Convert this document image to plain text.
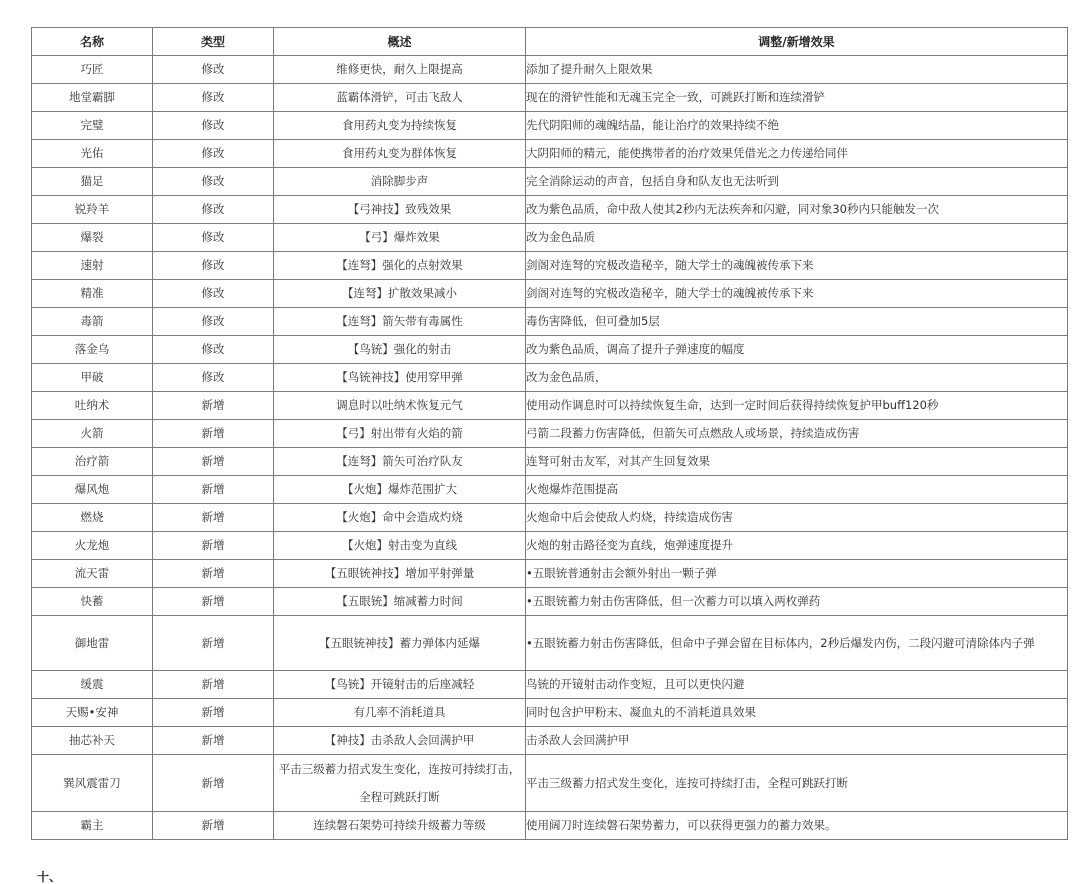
名称	类型	概述	调整/新增效果
巧匠	修改	维修更快，耐久上限提高	添加了提升耐久上限效果
地堂霸脚	修改	蓝霸体滑铲，可击飞敌人	现在的滑铲性能和无魂玉完全一致，可跳跃打断和连续滑铲
完璧	修改	食用药丸变为持续恢复	先代阴阳师的魂魄结晶，能让治疗的效果持续不绝
光佑	修改	食用药丸变为群体恢复	大阴阳师的精元，能使携带者的治疗效果凭借光之力传递给同伴
猫足	修改	消除脚步声	完全消除运动的声音，包括自身和队友也无法听到
锐羚羊	修改	【弓神技】致残效果	改为紫色品质，命中敌人使其2秒内无法疾奔和闪避，同对象30秒内只能触发一次
爆裂	修改	【弓】爆炸效果	改为金色品质
速射	修改	【连弩】强化的点射效果	剑阁对连弩的究极改造秘辛，随大学士的魂魄被传承下来
精准	修改	【连弩】扩散效果减小	剑阁对连弩的究极改造秘辛，随大学士的魂魄被传承下来
毒箭	修改	【连弩】箭矢带有毒属性	毒伤害降低，但可叠加5层
落金乌	修改	【鸟铳】强化的射击	改为紫色品质，调高了提升子弹速度的幅度
甲破	修改	【鸟铳神技】使用穿甲弹	改为金色品质，
吐纳术	新增	调息时以吐纳术恢复元气	使用动作调息时可以持续恢复生命，达到一定时间后获得持续恢复护甲buff120秒
火箭	新增	【弓】射出带有火焰的箭	弓箭二段蓄力伤害降低，但箭矢可点燃敌人或场景，持续造成伤害
治疗箭	新增	【连弩】箭矢可治疗队友	连弩可射击友军，对其产生回复效果
爆风炮	新增	【火炮】爆炸范围扩大	火炮爆炸范围提高
燃烧	新增	【火炮】命中会造成灼烧	火炮命中后会使敌人灼烧，持续造成伤害
火龙炮	新增	【火炮】射击变为直线	火炮的射击路径变为直线，炮弹速度提升
流天雷	新增	【五眼铳神技】增加平射弹量	•五眼铳普通射击会额外射出一颗子弹
快蓄	新增	【五眼铳】缩减蓄力时间	•五眼铳蓄力射击伤害降低，但一次蓄力可以填入两枚弹药
御地雷	新增	【五眼铳神技】蓄力弹体内延爆	•五眼铳蓄力射击伤害降低，但命中子弹会留在目标体内，2秒后爆发内伤，二段闪避可清除体内子弹
缓震	新增	【鸟铳】开镜射击的后座减轻	鸟铳的开镜射击动作变短，且可以更快闪避
天赐•安神	新增	有几率不消耗道具	同时包含护甲粉末、凝血丸的不消耗道具效果
抽芯补天	新增	【神技】击杀敌人会回满护甲	击杀敌人会回满护甲
巽风震雷刀	新增	平击三级蓄力招式发生变化，连按可持续打击，全程可跳跃打断	平击三级蓄力招式发生变化，连按可持续打击，全程可跳跃打断
霸主	新增	连续磐石架势可持续升级蓄力等级	使用阔刀时连续磐石架势蓄力，可以获得更强力的蓄力效果。
十、
